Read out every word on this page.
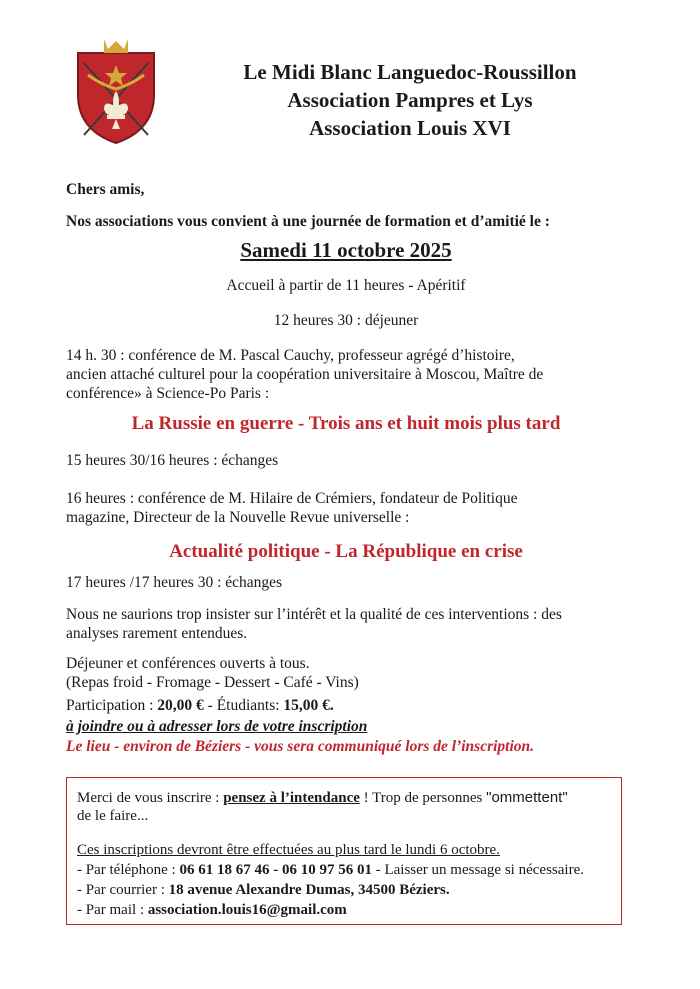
Le Midi Blanc Languedoc-Roussillon
Association Pampres et Lys
Association Louis XVI
Chers amis,
Nos associations vous convient à une journée de formation et d’amitié le :
Samedi 11 octobre 2025
Accueil à partir de 11 heures - Apéritif
12 heures 30 : déjeuner
14 h. 30 : conférence de M. Pascal Cauchy, professeur agrégé d’histoire,
ancien attaché culturel pour la coopération universitaire à Moscou, Maître de
conférence» à Science-Po Paris :
La Russie en guerre - Trois ans et huit mois plus tard
15 heures 30/16 heures : échanges
16 heures : conférence de M. Hilaire de Crémiers, fondateur de Politique
magazine, Directeur de la Nouvelle Revue universelle :
Actualité politique - La République en crise
17 heures /17 heures 30 : échanges
Nous ne saurions trop insister sur l’intérêt et la qualité de ces interventions : des
analyses rarement entendues.
Déjeuner et conférences ouverts à tous.
(Repas froid - Fromage - Dessert - Café - Vins)
Participation : 20,00 € - Étudiants: 15,00 €.
à joindre ou à adresser lors de votre inscription
Le lieu - environ de Béziers - vous sera communiqué lors de l’inscription.
Merci de vous inscrire : pensez à l’intendance ! Trop de personnes "ommettent"
de le faire...
Ces inscriptions devront être effectuées au plus tard le lundi 6 octobre.
- Par téléphone : 06 61 18 67 46 - 06 10 97 56 01 - Laisser un message si nécessaire.
- Par courrier : 18 avenue Alexandre Dumas, 34500 Béziers.
- Par mail : association.louis16@gmail.com
